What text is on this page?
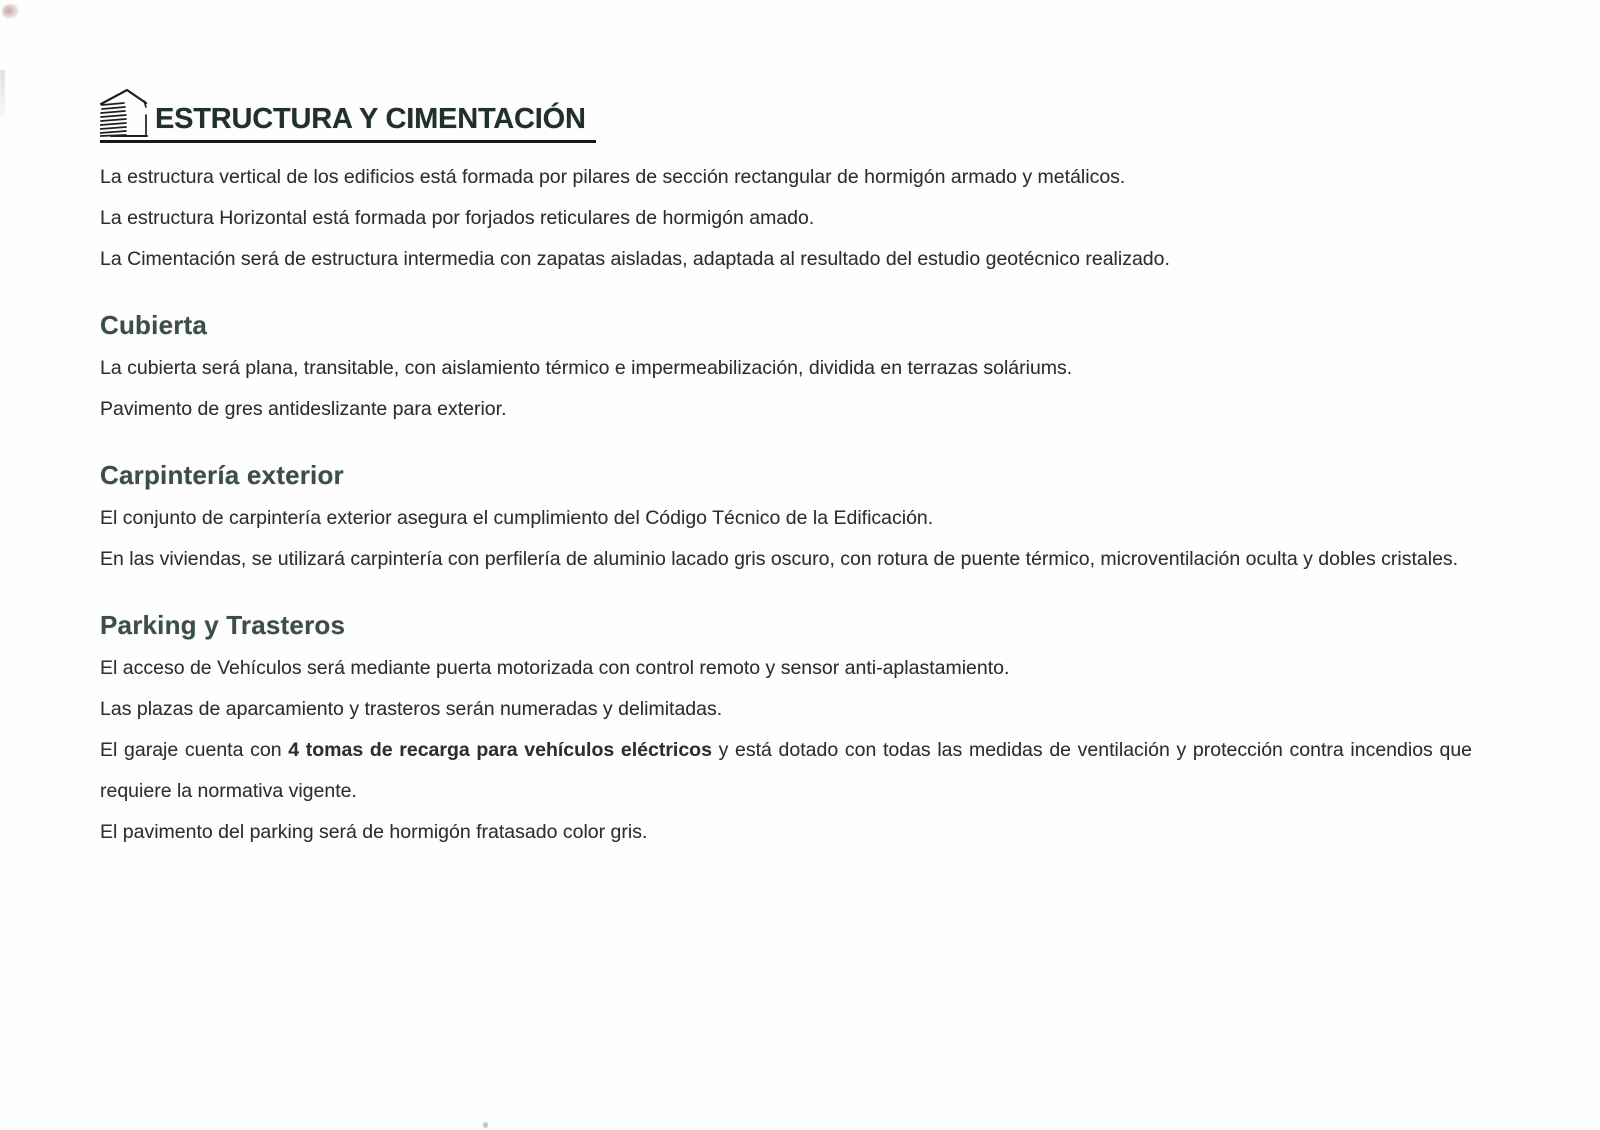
ESTRUCTURA Y CIMENTACIÓN

La estructura vertical de los edificios está formada por pilares de sección rectangular de hormigón armado y metálicos.

La estructura Horizontal está formada por forjados reticulares de hormigón amado.

La Cimentación será de estructura intermedia con zapatas aisladas, adaptada al resultado del estudio geotécnico realizado.

Cubierta

La cubierta será plana, transitable, con aislamiento térmico e impermeabilización, dividida en terrazas soláriums.

Pavimento de gres antideslizante para exterior.

Carpintería exterior

El conjunto de carpintería exterior asegura el cumplimiento del Código Técnico de la Edificación.

En las viviendas, se utilizará carpintería con perfilería de aluminio lacado gris oscuro, con rotura de puente térmico, microventilación oculta y dobles cristales.

Parking y Trasteros

El acceso de Vehículos será mediante puerta motorizada con control remoto y sensor anti-aplastamiento.

Las plazas de aparcamiento y trasteros serán numeradas y delimitadas.

El garaje cuenta con 4 tomas de recarga para vehículos eléctricos y está dotado con todas las medidas de ventilación y protección contra incendios que requiere la normativa vigente.

El pavimento del parking será de hormigón fratasado color gris.
